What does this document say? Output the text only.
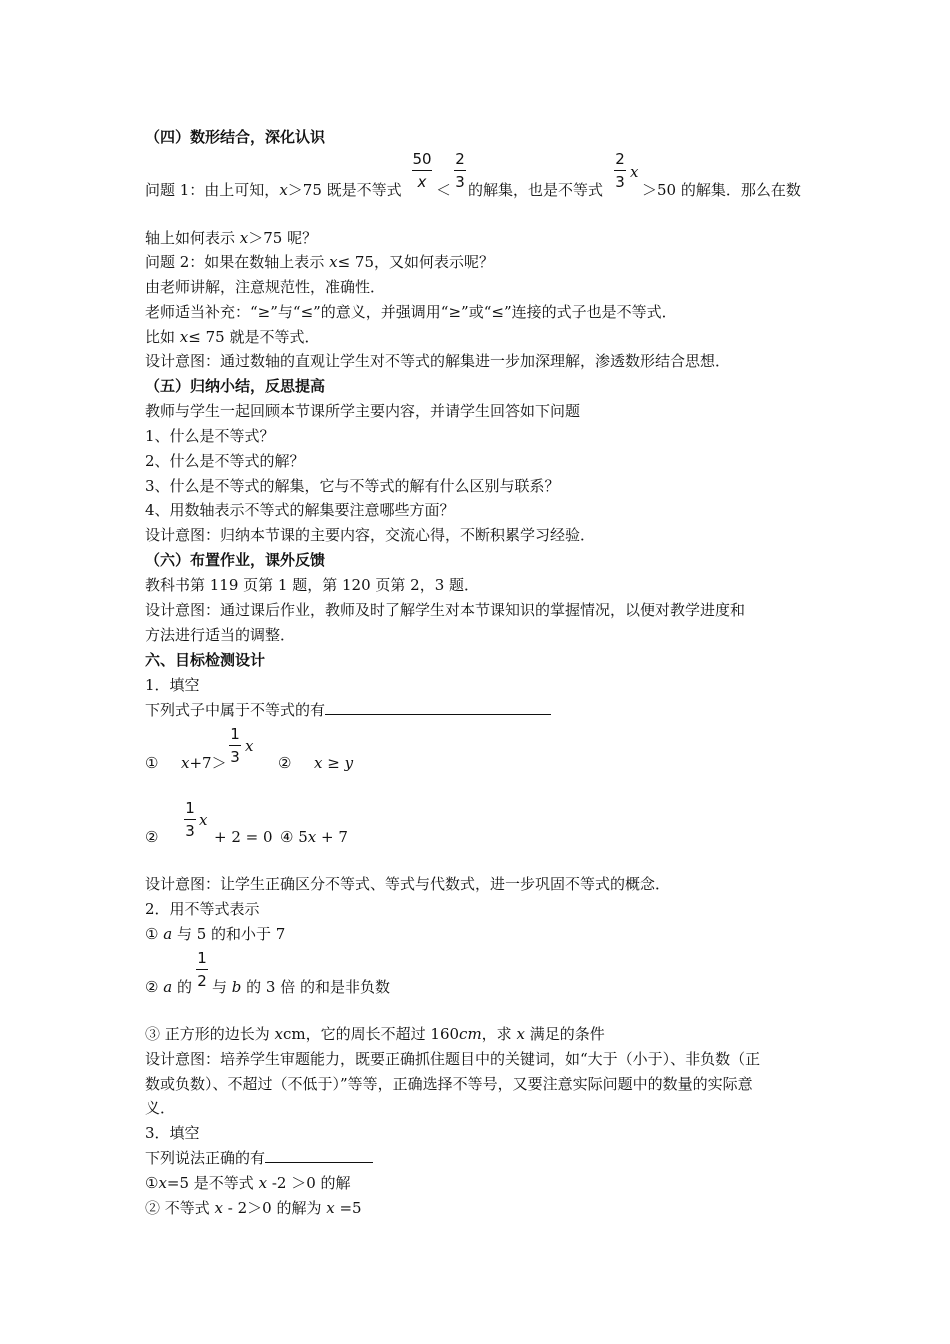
（四）数形结合，深化认识
问题 1：由上可知，x＞75 既是不等式
50
x ＜
2
3 的解集，也是不等式
2
3
x
＞50 的解集．那么在数
轴上如何表示 x＞75 呢？
问题 2：如果在数轴上表示 x≤ 75，又如何表示呢？
由老师讲解，注意规范性，准确性．
老师适当补充：“≥”与“≤”的意义，并强调用“≥”或“≤”连接的式子也是不等式．
比如 x≤ 75 就是不等式．
设计意图：通过数轴的直观让学生对不等式的解集进一步加深理解，渗透数形结合思想．
（五）归纳小结，反思提高
教师与学生一起回顾本节课所学主要内容，并请学生回答如下问题
1、什么是不等式？
2、什么是不等式的解？
3、什么是不等式的解集，它与不等式的解有什么区别与联系？
4、用数轴表示不等式的解集要注意哪些方面？
设计意图：归纳本节课的主要内容，交流心得，不断积累学习经验．
（六）布置作业，课外反馈
教科书第 119 页第 1 题，第 120 页第 2，3 题．
设计意图：通过课后作业，教师及时了解学生对本节课知识的掌握情况，以便对教学进度和
方法进行适当的调整．
六、目标检测设计
1．填空
下列式子中属于不等式的有
① x+7＞
1
3
x
② x ≥ y
②
1
3
x
+ 2 = 0 ④ 5x + 7
设计意图：让学生正确区分不等式、等式与代数式，进一步巩固不等式的概念．
2．用不等式表示
① a 与 5 的和小于 7
② a 的
1
2 与 b 的 3 倍 的和是非负数
③ 正方形的边长为 xcm，它的周长不超过 160cm，求 x 满足的条件
设计意图：培养学生审题能力，既要正确抓住题目中的关键词，如“大于（小于）、非负数（正
数或负数）、不超过（不低于）”等等，正确选择不等号，又要注意实际问题中的数量的实际意
义．
3．填空
下列说法正确的有
①x=5 是不等式 x -2 ＞0 的解
② 不等式 x - 2＞0 的解为 x =5
